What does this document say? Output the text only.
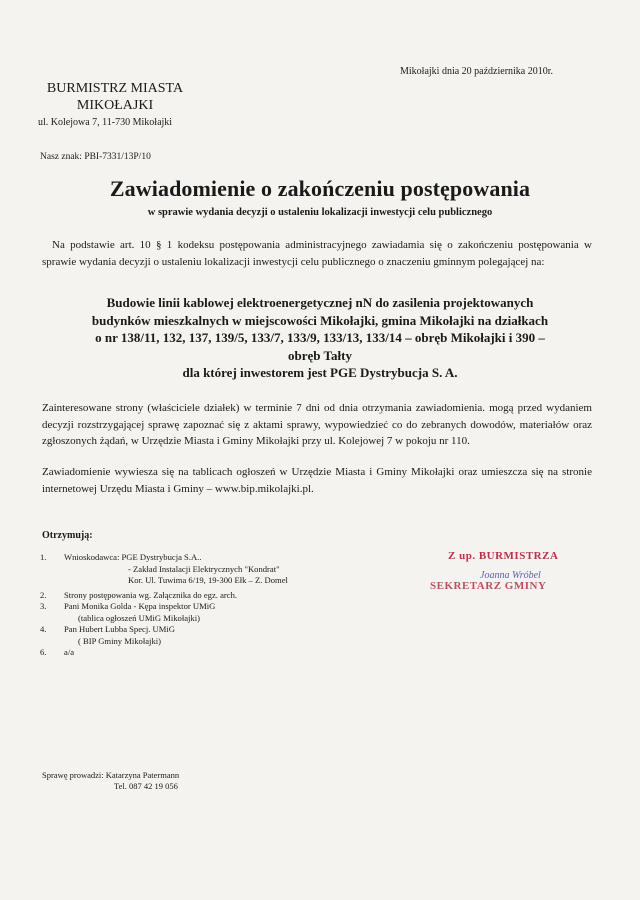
Mikołajki dnia 20 października 2010r.
BURMISTRZ MIASTA
MIKOŁAJKI
ul. Kolejowa 7, 11-730 Mikołajki
Nasz znak: PBI-7331/13P/10
Zawiadomienie o zakończeniu postępowania
w sprawie wydania decyzji o ustaleniu lokalizacji inwestycji celu publicznego
Na podstawie art. 10 § 1 kodeksu postępowania administracyjnego zawiadamia się o zakończeniu postępowania w sprawie wydania decyzji o ustaleniu lokalizacji inwestycji celu publicznego o znaczeniu gminnym polegającej na:
Budowie linii kablowej elektroenergetycznej nN do zasilenia projektowanych
budynków mieszkalnych w miejscowości Mikołajki, gmina Mikołajki na działkach
o nr 138/11, 132, 137, 139/5, 133/7, 133/9, 133/13, 133/14 – obręb Mikołajki i 390 –
obręb Tałty
dla której inwestorem jest PGE Dystrybucja S. A.
Zainteresowane strony (właściciele działek) w terminie 7 dni od dnia otrzymania zawiadomienia. mogą przed wydaniem decyzji rozstrzygającej sprawę zapoznać się z aktami sprawy, wypowiedzieć co do zebranych dowodów, materiałów oraz zgłoszonych żądań, w Urzędzie Miasta i Gminy Mikołajki przy ul. Kolejowej 7 w pokoju nr 110.
Zawiadomienie wywiesza się na tablicach ogłoszeń w Urzędzie Miasta i Gminy Mikołajki oraz umieszcza się na stronie internetowej Urzędu Miasta i Gminy – www.bip.mikolajki.pl.
Otrzymują:
1.	Wnioskodawca: PGE Dystrybucja S.A..
- Zakład Instalacji Elektrycznych "Kondrat"
Kor. Ul. Tuwima 6/19, 19-300 Ełk – Z. Domel
2.	Strony postępowania wg. Załącznika do egz. arch.
3.	Pani Monika Golda - Kępa inspektor UMiG
(tablica ogłoszeń UMiG Mikołajki)
4.	Pan Hubert Lubba Specj. UMiG
( BIP Gminy Mikołajki)
6.	a/a
Z up. BURMISTRZA
Joanna Wróbel
SEKRETARZ GMINY
Sprawę prowadzi: Katarzyna Patermann
Tel. 087 42 19 056
